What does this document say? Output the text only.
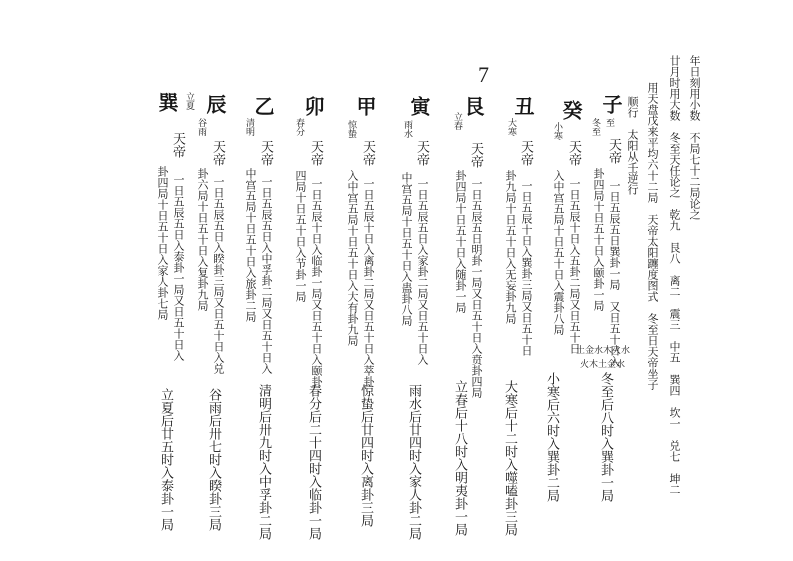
7	年日刻用小数　不局七十二局论之
廿月时用大数　冬至天任论之　乾九　艮八　离二　震三　中五　巽四　坎一　兑七　坤二
用天盘戊来平均六十二局　天帝太阳躔度图式　冬至日天帝坐子
顺行　太阳从壬逆行
子
冬至 至
天帝
一日五辰五日巽卦一局　又日五十日入
卦四局十日五十日入颐卦一局
癸
小寒
天帝
一日五辰十日入五卦二局又日五十日
入中宫五局十日五十日入震卦八局
土金水木火水
火木土金水
丑
大寒
天帝
一日五辰十日入巽卦三局又日五十日
卦九局十日五十日入无妄卦九局
艮
立春
天帝
一日五辰五日明卦一局又日五十日入贲卦四局
卦四局十日五十日入随卦一局
寅
雨水
天帝
一日五辰五日入家卦二局又日五十日入
中宫五局十日五十日入蛊卦八局
甲
惊蛰
天帝
一日五辰十日入离卦二局又日五十日入萃卦
入中宫五局十日五十日入大有卦九局
卯
春分
天帝
一日五辰十日入临卦一局又日五十日入颐卦
四局十日五十日入节卦一局
乙
清明
天帝
一日五辰五日入中孚卦二局又日五十日入
中宫五局十日五十日入旅卦二局
辰
谷雨
天帝
一日五辰五日入睽卦三局又日五十日入兑
卦六局十日五十日入复卦九局
巽 立夏
天帝
一日五辰五日入泰卦一局又日五十日入
卦四局十日五十日入家人卦七局
冬至后八时入巽卦一局
小寒后六时入巽卦二局
大寒后十二时入噬嗑卦三局
立春后十八时入明夷卦一局
雨水后廿四时入家人卦二局
惊蛰后廿四时入离卦三局
春分后二十四时入临卦一局
清明后卅九时入中孚卦二局
谷雨后卅七时入睽卦三局
立夏后廿五时入泰卦一局
